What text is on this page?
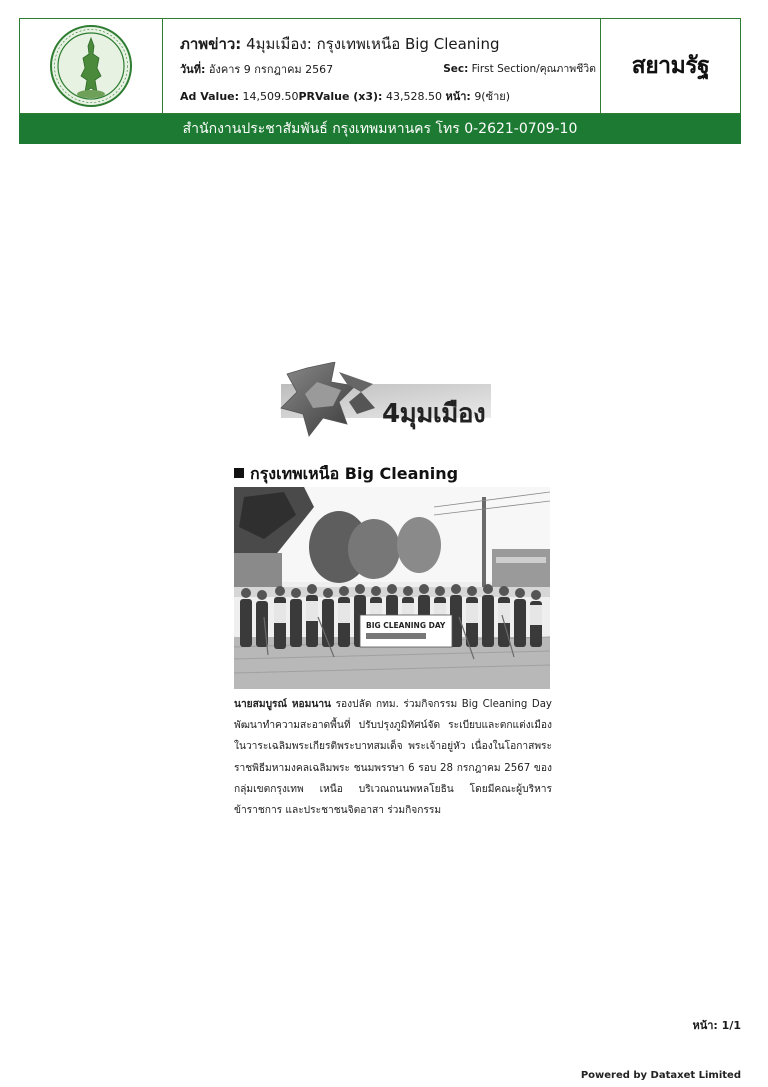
ภาพข่าว: 4มุมเมือง: กรุงเทพเหนือ Big Cleaning
วันที่: อังคาร 9 กรกฎาคม 2567	Sec: First Section/คุณภาพชีวิต
Ad Value: 14,509.50PRValue (x3): 43,528.50 หน้า: 9(ซ้าย)
สยามรัฐ
สำนักงานประชาสัมพันธ์ กรุงเทพมหานคร โทร 0-2621-0709-10
4มุมเมือง
กรุงเทพเหนือ Big Cleaning
BIG CLEANING DAY
นายสมบูรณ์ หอมนาน รองปลัด กทม. ร่วมกิจกรรม Big Cleaning Day พัฒนาทำความสะอาดพื้นที่ ปรับปรุงภูมิทัศน์จัด ระเบียบและตกแต่งเมืองในวาระเฉลิมพระเกียรติพระบาทสมเด็จ พระเจ้าอยู่หัว เนื่องในโอกาสพระราชพิธีมหามงคลเฉลิมพระ ชนมพรรษา 6 รอบ 28 กรกฎาคม 2567 ของกลุ่มเขตกรุงเทพ เหนือ บริเวณถนนพหลโยธิน โดยมีคณะผู้บริหาร ข้าราชการ และประชาชนจิตอาสา ร่วมกิจกรรม
หน้า: 1/1
Powered by Dataxet Limited
